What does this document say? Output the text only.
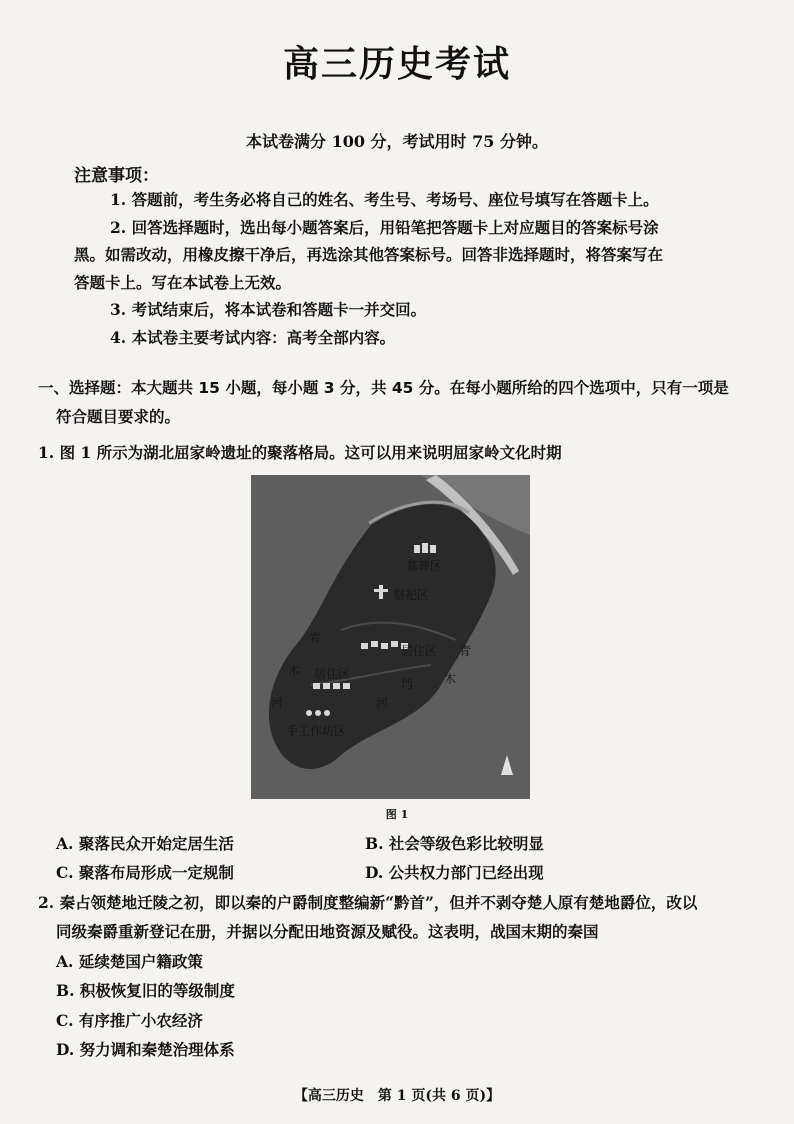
高三历史考试
本试卷满分 100 分，考试用时 75 分钟。
注意事项：
1. 答题前，考生务必将自己的姓名、考生号、考场号、座位号填写在答题卡上。
2. 回答选择题时，选出每小题答案后，用铅笔把答题卡上对应题目的答案标号涂
黑。如需改动，用橡皮擦干净后，再选涂其他答案标号。回答非选择题时，将答案写在
答题卡上。写在本试卷上无效。
3. 考试结束后，将本试卷和答题卡一并交回。
4. 本试卷主要考试内容：高考全部内容。
一、选择题：本大题共 15 小题，每小题 3 分，共 45 分。在每小题所给的四个选项中，只有一项是
符合题目要求的。
1. 图 1 所示为湖北屈家岭遗址的聚落格局。这可以用来说明屈家岭文化时期
墓葬区
祭祀区
居住区
居住区
手工作坊区
青
木
河
青
木
垱
河
图 1
A. 聚落民众开始定居生活	B. 社会等级色彩比较明显
C. 聚落布局形成一定规制	D. 公共权力部门已经出现
2. 秦占领楚地迁陵之初，即以秦的户爵制度整编新“黔首”，但并不剥夺楚人原有楚地爵位，改以
同级秦爵重新登记在册，并据以分配田地资源及赋役。这表明，战国末期的秦国
A. 延续楚国户籍政策
B. 积极恢复旧的等级制度
C. 有序推广小农经济
D. 努力调和秦楚治理体系
【高三历史　第 1 页(共 6 页)】
